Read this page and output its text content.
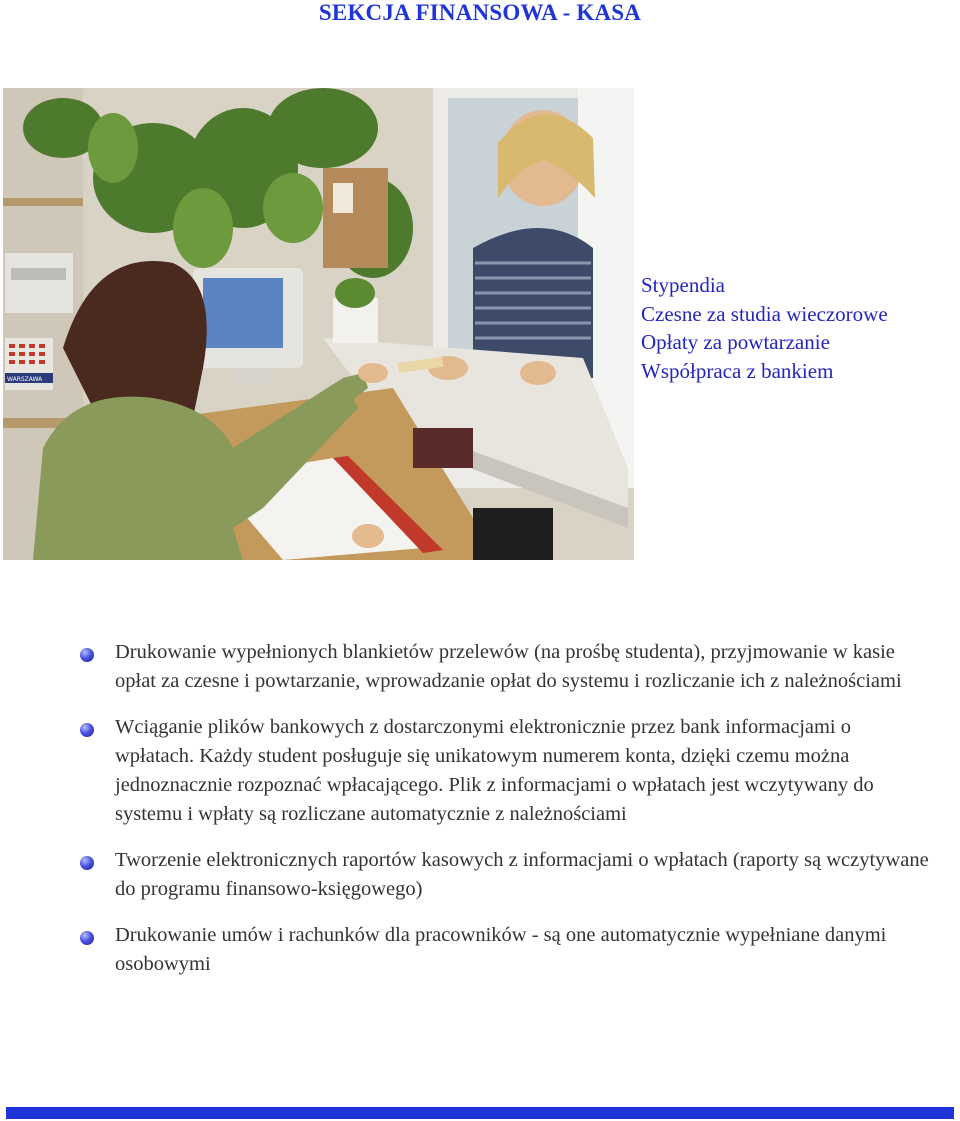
SEKCJA FINANSOWA - KASA
WARSZAWA
Stypendia
Czesne za studia wieczorowe
Opłaty za powtarzanie
Współpraca z bankiem
Drukowanie wypełnionych blankietów przelewów (na prośbę studenta), przyjmowanie w kasie opłat za czesne i powtarzanie, wprowadzanie opłat do systemu i rozliczanie ich z należnościami
Wciąganie plików bankowych z dostarczonymi elektronicznie przez bank informacjami o wpłatach. Każdy student posługuje się unikatowym numerem konta, dzięki czemu można jednoznacznie rozpoznać wpłacającego. Plik z informacjami o wpłatach jest wczytywany do systemu i wpłaty są rozliczane automatycznie z należnościami
Tworzenie elektronicznych raportów kasowych z informacjami o wpłatach (raporty są wczytywane do programu finansowo-księgowego)
Drukowanie umów i rachunków dla pracowników - są one automatycznie wypełniane danymi osobowymi
